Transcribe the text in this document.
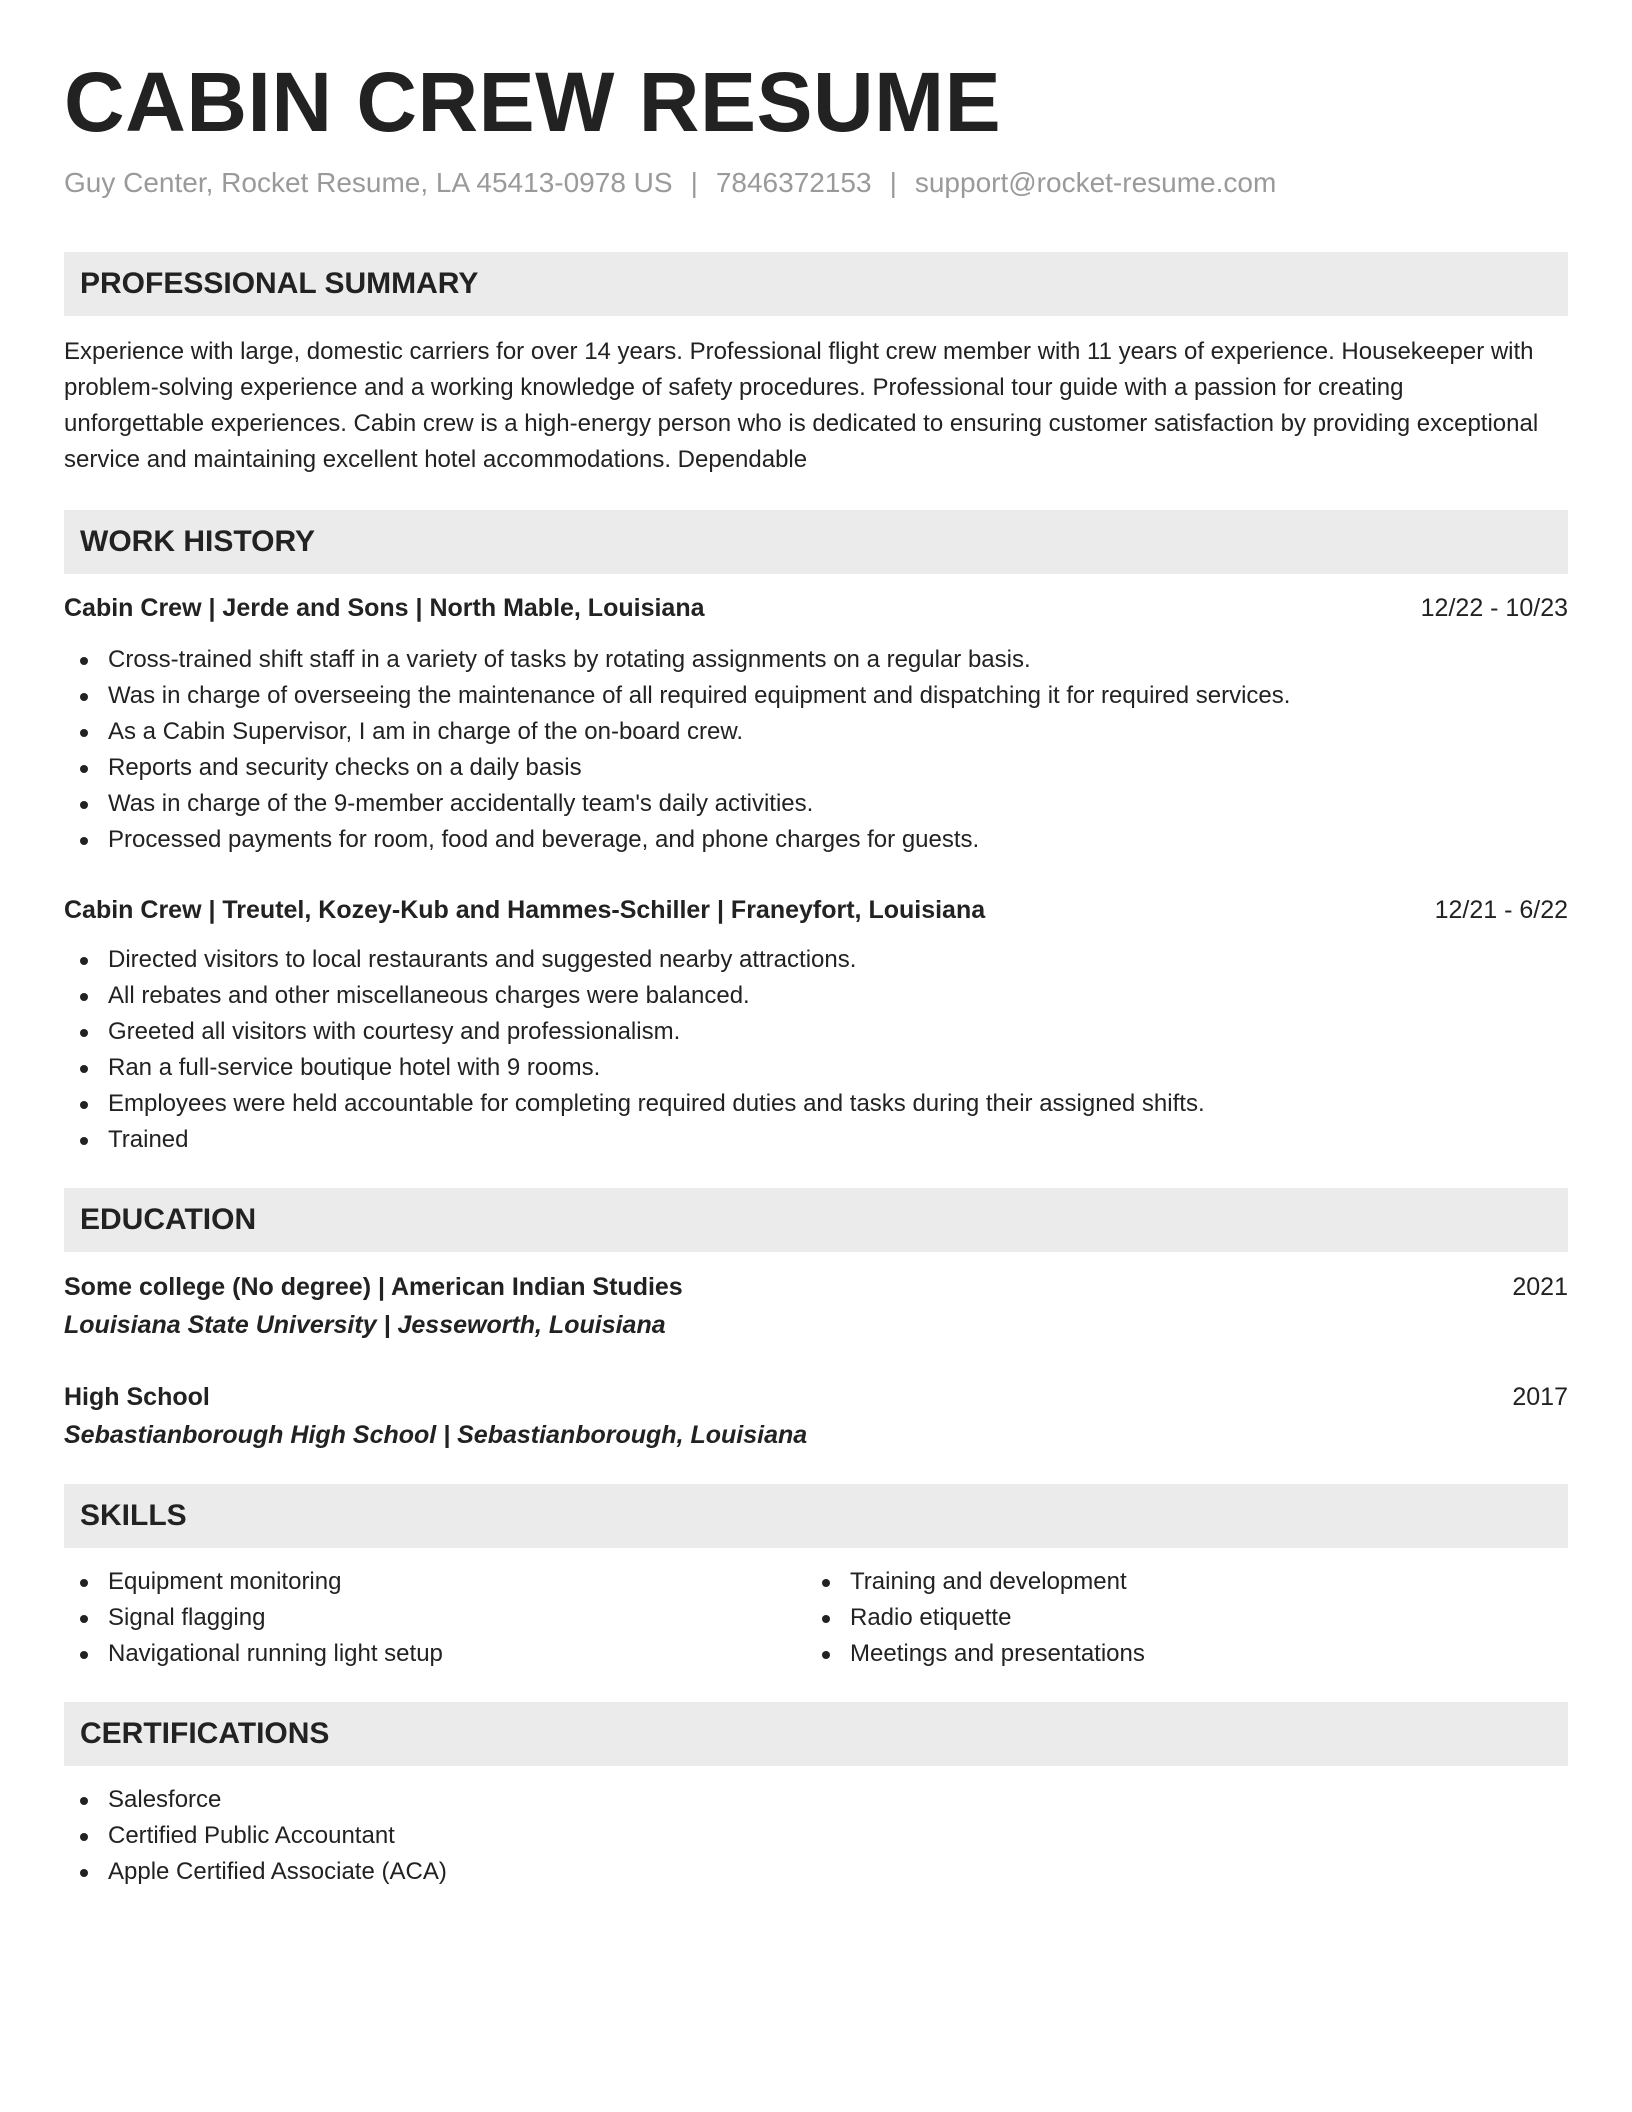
CABIN CREW RESUME
Guy Center, Rocket Resume, LA 45413-0978 US | 7846372153 | support@rocket-resume.com
PROFESSIONAL SUMMARY

Experience with large, domestic carriers for over 14 years. Professional flight crew member with 11 years of experience. Housekeeper with problem-solving experience and a working knowledge of safety procedures. Professional tour guide with a passion for creating unforgettable experiences. Cabin crew is a high-energy person who is dedicated to ensuring customer satisfaction by providing exceptional service and maintaining excellent hotel accommodations. Dependable

WORK HISTORY
Cabin Crew | Jerde and Sons | North Mable, Louisiana	12/22 - 10/23
Cross-trained shift staff in a variety of tasks by rotating assignments on a regular basis.
Was in charge of overseeing the maintenance of all required equipment and dispatching it for required services.
As a Cabin Supervisor, I am in charge of the on-board crew.
Reports and security checks on a daily basis
Was in charge of the 9-member accidentally team's daily activities.
Processed payments for room, food and beverage, and phone charges for guests.
Cabin Crew | Treutel, Kozey-Kub and Hammes-Schiller | Franeyfort, Louisiana	12/21 - 6/22
Directed visitors to local restaurants and suggested nearby attractions.
All rebates and other miscellaneous charges were balanced.
Greeted all visitors with courtesy and professionalism.
Ran a full-service boutique hotel with 9 rooms.
Employees were held accountable for completing required duties and tasks during their assigned shifts.
Trained
EDUCATION
Some college (No degree) | American Indian Studies	2021
Louisiana State University | Jesseworth, Louisiana
High School	2017
Sebastianborough High School | Sebastianborough, Louisiana
SKILLS
Equipment monitoring
Signal flagging
Navigational running light setup
Training and development
Radio etiquette
Meetings and presentations
CERTIFICATIONS
Salesforce
Certified Public Accountant
Apple Certified Associate (ACA)
